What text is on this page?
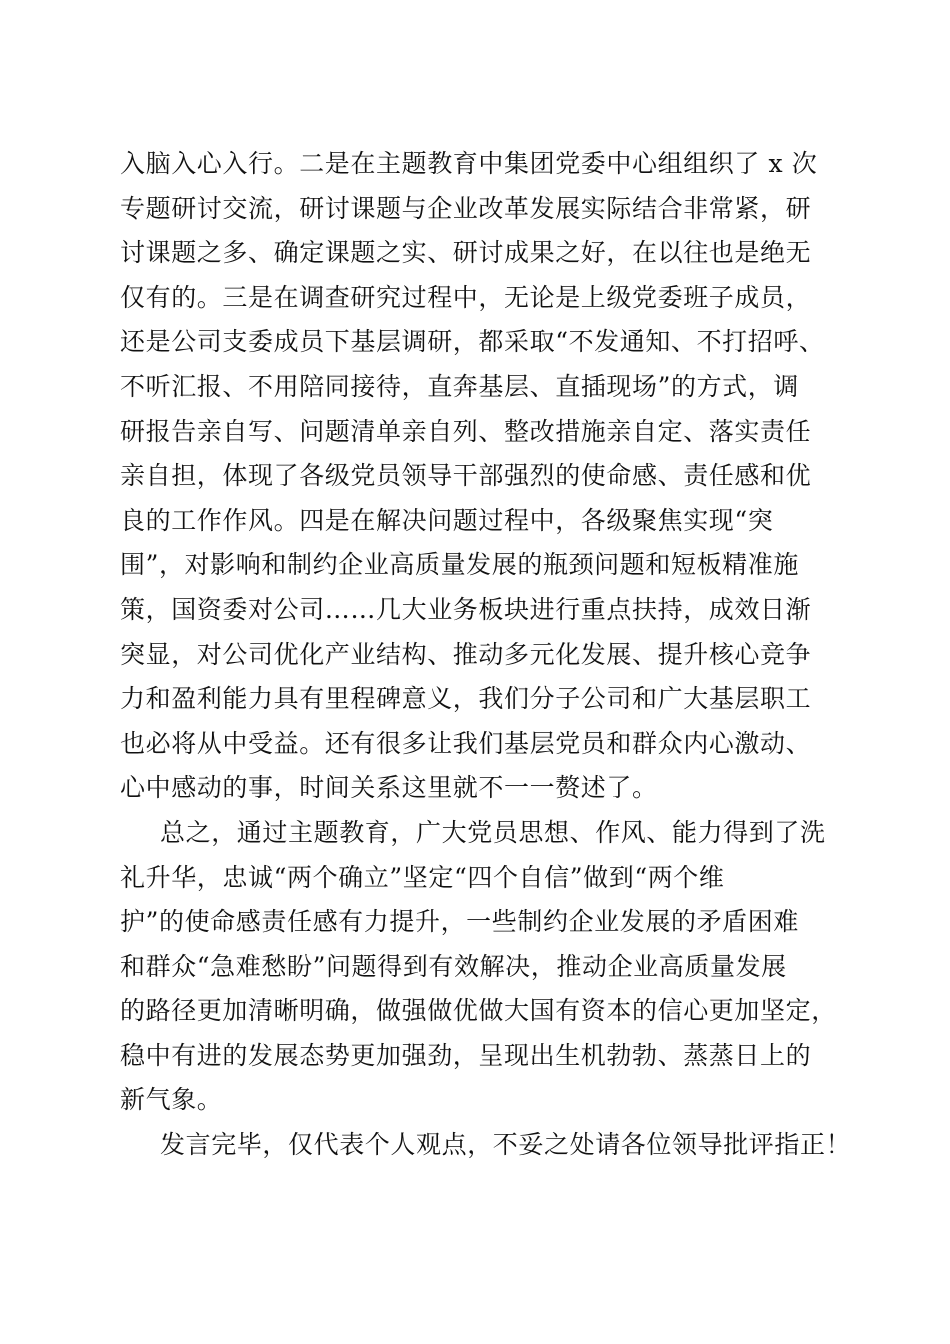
入脑入心入行。二是在主题教育中集团党委中心组组织了 x 次
专题研讨交流，研讨课题与企业改革发展实际结合非常紧，研
讨课题之多、确定课题之实、研讨成果之好，在以往也是绝无
仅有的。三是在调查研究过程中，无论是上级党委班子成员，
还是公司支委成员下基层调研，都采取“不发通知、不打招呼、
不听汇报、不用陪同接待，直奔基层、直插现场”的方式，调
研报告亲自写、问题清单亲自列、整改措施亲自定、落实责任
亲自担，体现了各级党员领导干部强烈的使命感、责任感和优
良的工作作风。四是在解决问题过程中，各级聚焦实现“突
围”，对影响和制约企业高质量发展的瓶颈问题和短板精准施
策，国资委对公司……几大业务板块进行重点扶持，成效日渐
突显，对公司优化产业结构、推动多元化发展、提升核心竞争
力和盈利能力具有里程碑意义，我们分子公司和广大基层职工
也必将从中受益。还有很多让我们基层党员和群众内心激动、
心中感动的事，时间关系这里就不一一赘述了。
总之，通过主题教育，广大党员思想、作风、能力得到了洗
礼升华，忠诚“两个确立”坚定“四个自信”做到“两个维
护”的使命感责任感有力提升，一些制约企业发展的矛盾困难
和群众“急难愁盼”问题得到有效解决，推动企业高质量发展
的路径更加清晰明确，做强做优做大国有资本的信心更加坚定，
稳中有进的发展态势更加强劲，呈现出生机勃勃、蒸蒸日上的
新气象。
发言完毕，仅代表个人观点，不妥之处请各位领导批评指正！
